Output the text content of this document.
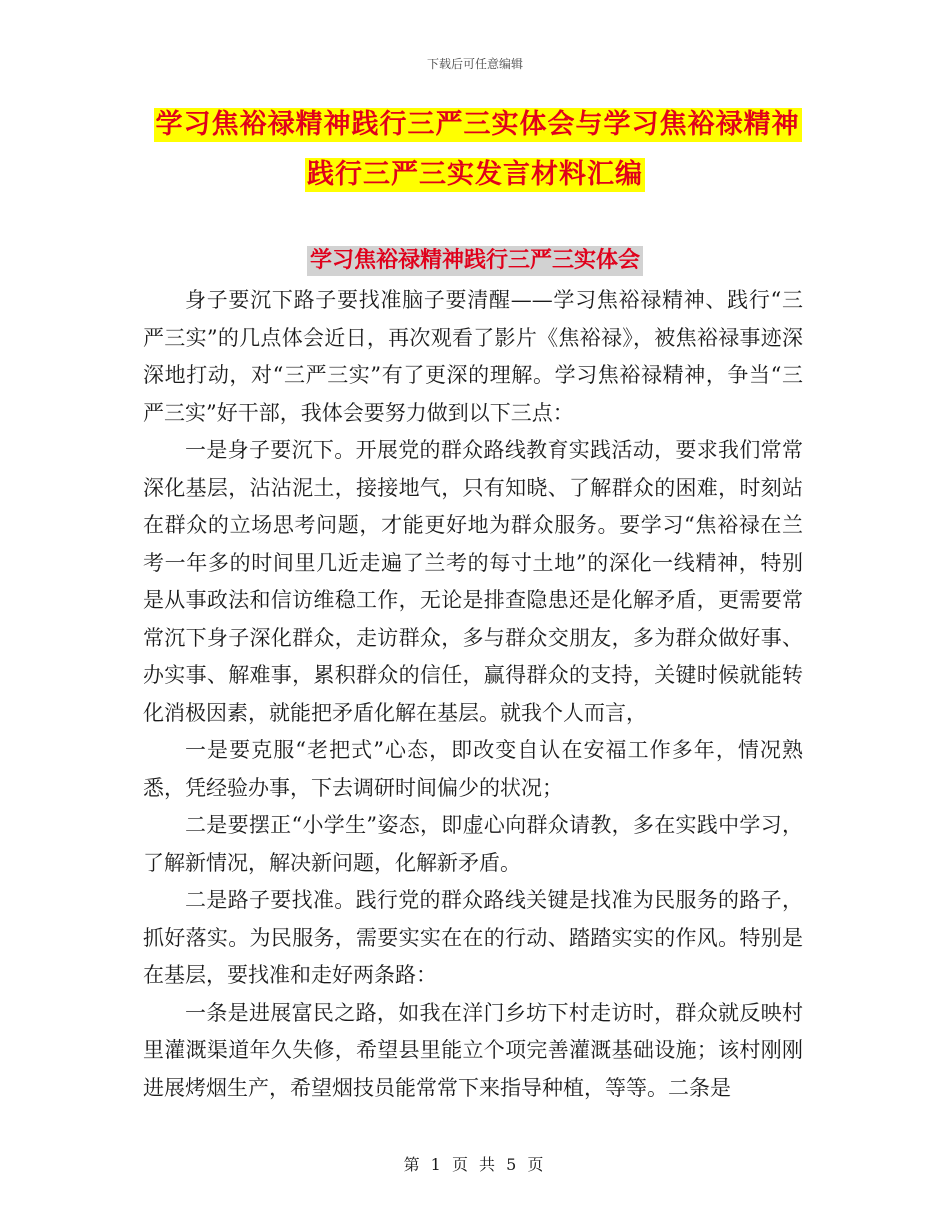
下载后可任意编辑
学习焦裕禄精神践行三严三实体会与学习焦裕禄精神
践行三严三实发言材料汇编
学习焦裕禄精神践行三严三实体会

身子要沉下路子要找准脑子要清醒——学习焦裕禄精神、践行“三严三实”的几点体会近日，再次观看了影片《焦裕禄》，被焦裕禄事迹深深地打动，对“三严三实”有了更深的理解。学习焦裕禄精神，争当“三严三实”好干部，我体会要努力做到以下三点：

一是身子要沉下。开展党的群众路线教育实践活动，要求我们常常深化基层，沾沾泥土，接接地气，只有知晓、了解群众的困难，时刻站在群众的立场思考问题，才能更好地为群众服务。要学习“焦裕禄在兰考一年多的时间里几近走遍了兰考的每寸土地”的深化一线精神，特别是从事政法和信访维稳工作，无论是排查隐患还是化解矛盾，更需要常常沉下身子深化群众，走访群众，多与群众交朋友，多为群众做好事、办实事、解难事，累积群众的信任，赢得群众的支持，关键时候就能转化消极因素，就能把矛盾化解在基层。就我个人而言，

一是要克服“老把式”心态，即改变自认在安福工作多年，情况熟悉，凭经验办事，下去调研时间偏少的状况；

二是要摆正“小学生”姿态，即虚心向群众请教，多在实践中学习，了解新情况，解决新问题，化解新矛盾。

二是路子要找准。践行党的群众路线关键是找准为民服务的路子，抓好落实。为民服务，需要实实在在的行动、踏踏实实的作风。特别是在基层，要找准和走好两条路：

一条是进展富民之路，如我在洋门乡坊下村走访时，群众就反映村里灌溉渠道年久失修，希望县里能立个项完善灌溉基础设施；该村刚刚进展烤烟生产，希望烟技员能常常下来指导种植，等等。二条是

第 1 页 共 5 页
